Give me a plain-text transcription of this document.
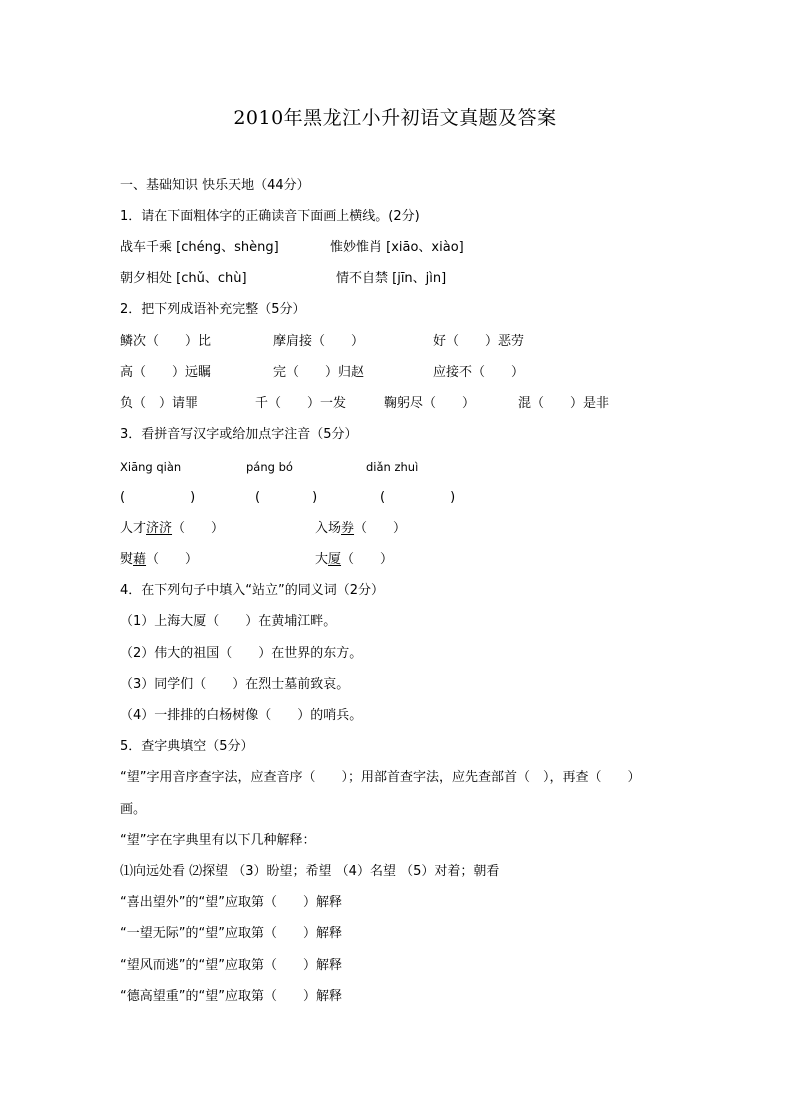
2010年黑龙江小升初语文真题及答案
一、基础知识 快乐天地（44分）
1．请在下面粗体字的正确读音下面画上横线。(2分)
战车千乘 [chéng、shèng]	惟妙惟肖 [xiāo、xiào]
朝夕相处 [chǔ、chù]	情不自禁 [jīn、jìn]
2．把下列成语补充完整（5分）
鳞次（　　）比	摩肩接（　　）	好（　　）恶劳
高（　　）远瞩	完（　　）归赵	应接不（　　）
负（　）请罪	千（　　）一发	鞠躬尽（　　）	混（　　）是非
3．看拼音写汉字或给加点字注音（5分）
Xiāng qiàn	páng bó	diǎn zhuì
(　　　　　)	(　　　　)	(　　　　　)
人才济济（　　）	入场券（　　）
熨藉（　　）	大厦（　　）
4．在下列句子中填入“站立”的同义词（2分）
（1）上海大厦（　　）在黄埔江畔。
（2）伟大的祖国（　　）在世界的东方。
（3）同学们（　　）在烈士墓前致哀。
（4）一排排的白杨树像（　　）的哨兵。
5．查字典填空（5分）
“望”字用音序查字法，应查音序（　　）；用部首查字法，应先查部首（　），再查（　　）
画。
“望”字在字典里有以下几种解释：
⑴向远处看 ⑵探望 （3）盼望；希望 （4）名望 （5）对着；朝看
“喜出望外”的“望”应取第（　　）解释
“一望无际”的“望”应取第（　　）解释
“望风而逃”的“望”应取第（　　）解释
“德高望重”的“望”应取第（　　）解释
